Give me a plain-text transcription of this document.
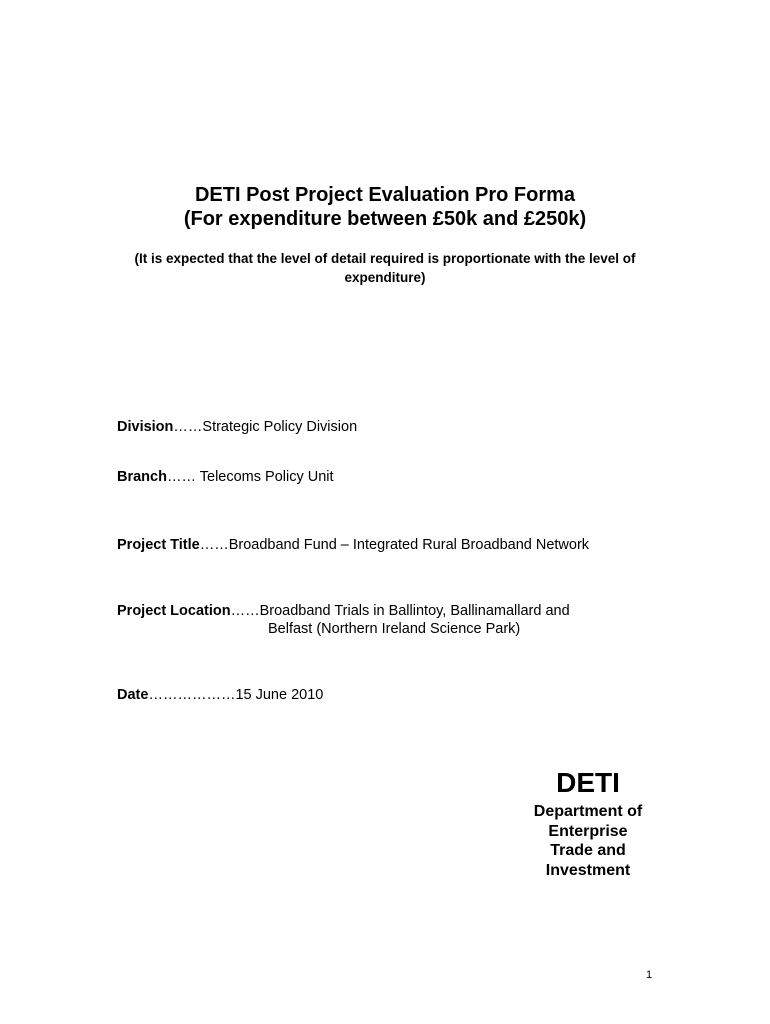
DETI Post Project Evaluation Pro Forma
(For expenditure between £50k and £250k)
(It is expected that the level of detail required is proportionate with the level of expenditure)
Division……Strategic Policy Division
Branch…… Telecoms Policy Unit
Project Title……Broadband Fund – Integrated Rural Broadband Network
Project Location……Broadband Trials in Ballintoy, Ballinamallard and
Belfast (Northern Ireland Science Park)
Date………………15 June 2010
DETI
Department of
Enterprise
Trade and
Investment
1
